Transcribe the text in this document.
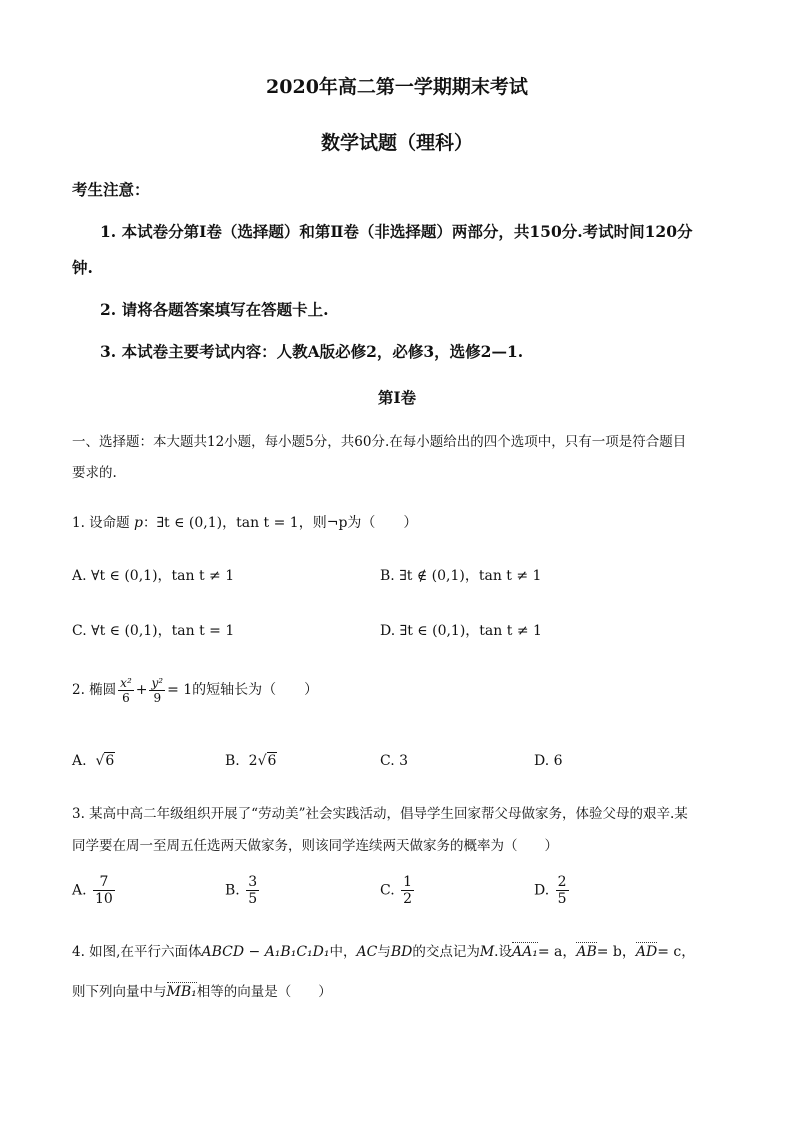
2020年高二第一学期期末考试
数学试题（理科）
考生注意：
1. 本试卷分第Ⅰ卷（选择题）和第Ⅱ卷（非选择题）两部分，共150分.考试时间120分
钟.
2. 请将各题答案填写在答题卡上.
3. 本试卷主要考试内容：人教A版必修2，必修3，选修2—1.
第Ⅰ卷
一、选择题：本大题共12小题，每小题5分，共60分.在每小题给出的四个选项中，只有一项是符合题目
要求的.
1. 设命题 p：∃t ∈ (0,1)，tan t = 1，则¬p为（　　）
A. ∀t ∈ (0,1)，tan t ≠ 1	B. ∃t ∉ (0,1)，tan t ≠ 1
C. ∀t ∈ (0,1)，tan t = 1	D. ∃t ∈ (0,1)，tan t ≠ 1
2. 椭圆 $\frac{\text{x²}}{6} + \frac{\text{y²}}{9} = 1$的短轴长为（　　）
A. √6	B. 2√6	C. 3	D. 6
3. 某高中高二年级组织开展了“劳动美”社会实践活动，倡导学生回家帮父母做家务，体验父母的艰辛.某
同学要在周一至周五任选两天做家务，则该同学连续两天做家务的概率为（　　）
A. $\frac{7}{10}$	B. $\frac{3}{5}$	C. $\frac{1}{2}$	D. $\frac{2}{5}$
4. 如图,在平行六面体ABCD − A₁B₁C₁D₁中，AC与BD的交点记为M.设AA₁= a，AB= b，AD= c，
则下列向量中与MB₁相等的向量是（　　）
